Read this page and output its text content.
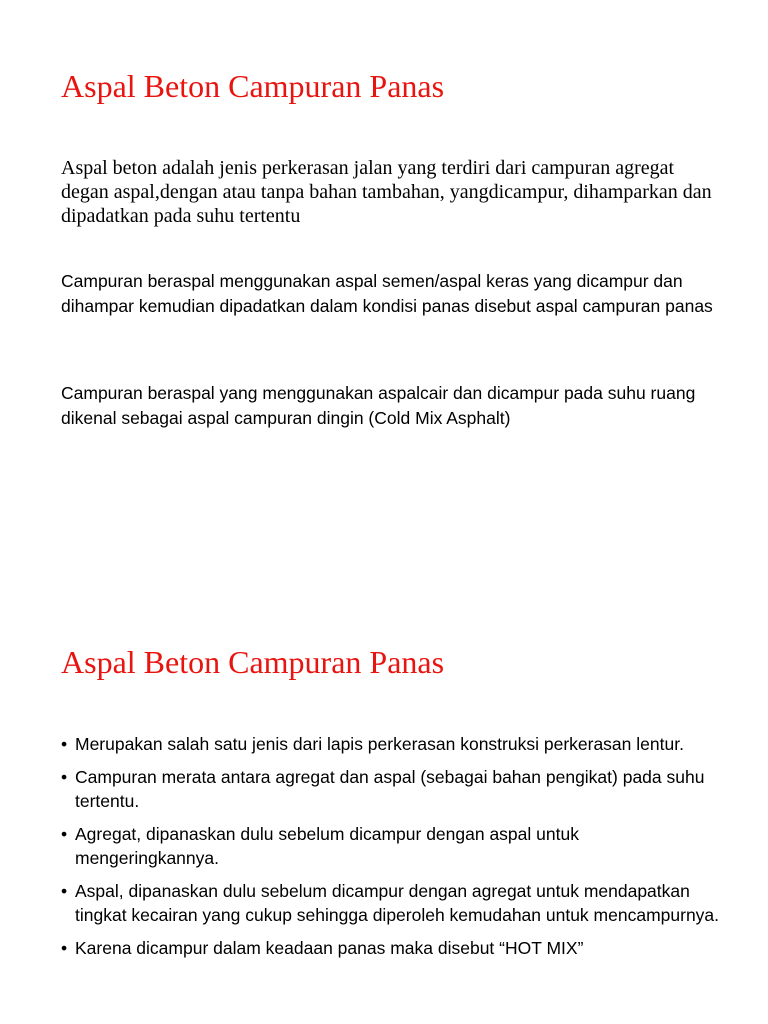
Aspal Beton Campuran Panas

Aspal beton adalah jenis perkerasan jalan yang terdiri dari campuran agregat degan aspal,dengan atau tanpa bahan tambahan, yangdicampur, dihamparkan dan dipadatkan pada suhu tertentu

Campuran beraspal menggunakan aspal semen/aspal keras yang dicampur dan dihampar kemudian dipadatkan dalam kondisi panas disebut aspal campuran panas

Campuran beraspal yang menggunakan aspalcair dan dicampur pada suhu ruang dikenal sebagai aspal campuran dingin (Cold Mix Asphalt)

Aspal Beton Campuran Panas
• Merupakan salah satu jenis dari lapis perkerasan konstruksi perkerasan lentur.
• Campuran merata antara agregat dan aspal (sebagai bahan pengikat) pada suhu tertentu.
• Agregat, dipanaskan dulu sebelum dicampur dengan aspal untuk mengeringkannya.
• Aspal, dipanaskan dulu sebelum dicampur dengan agregat untuk mendapatkan tingkat kecairan yang cukup sehingga diperoleh kemudahan untuk mencampurnya.
• Karena dicampur dalam keadaan panas maka disebut “HOT MIX”
